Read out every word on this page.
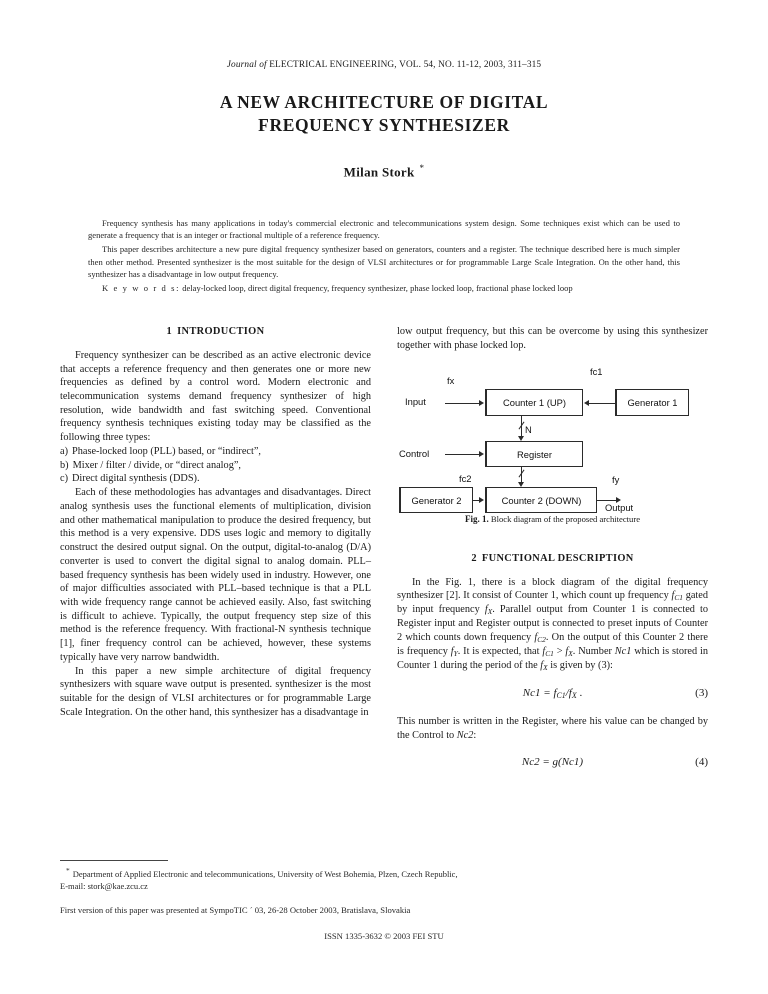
Journal of ELECTRICAL ENGINEERING, VOL. 54, NO. 11-12, 2003, 311–315
A NEW ARCHITECTURE OF DIGITAL
FREQUENCY SYNTHESIZER
Milan Stork *

Frequency synthesis has many applications in today's commercial electronic and telecommunications system design. Some techniques exist which can be used to generate a frequency that is an integer or fractional multiple of a reference frequency.

This paper describes architecture a new pure digital frequency synthesizer based on generators, counters and a register. The technique described here is much simpler then other method. Presented synthesizer is the most suitable for the design of VLSI architectures or for programmable Large Scale Integration. On the other hand, this synthesizer has a disadvantage in low output frequency.

K e y w o r d s: delay-locked loop, direct digital frequency, frequency synthesizer, phase locked loop, fractional phase locked loop

1 INTRODUCTION

Frequency synthesizer can be described as an active electronic device that accepts a reference frequency and then generates one or more new frequencies as defined by a control word. Modern electronic and telecommunication systems demand frequency synthesizer of high resolution, wide bandwidth and fast switching speed. Conventional frequency synthesis techniques existing today may be classified as the following three types:

a) Phase-locked loop (PLL) based, or “indirect”,

b) Mixer / filter / divide, or “direct analog”,

c) Direct digital synthesis (DDS).

Each of these methodologies has advantages and disadvantages. Direct analog synthesis uses the functional elements of multiplication, division and other mathematical manipulation to produce the desired frequency, but this method is a very expensive. DDS uses logic and memory to digitally construct the desired output signal. On the output, digital-to-analog (D/A) converter is used to convert the digital signal to analog domain. PLL–based frequency synthesis has been widely used in industry. However, one of major difficulties associated with PLL–based technique is that a PLL with wide frequency range cannot be achieved easily. Also, fast switching is difficult to achieve. Typically, the output frequency step size of this method is the reference frequency. With fractional-N synthesis technique [1], finer frequency control can be achieved, however, these systems typically have very narrow bandwidth.

In this paper a new simple architecture of digital frequency synthesizers with square wave output is presented. synthesizer is the most suitable for the design of VLSI architectures or for programmable Large Scale Integration. On the other hand, this synthesizer has a disadvantage in

low output frequency, but this can be overcome by using this synthesizer together with phase locked lop.

Counter 1 (UP)	Generator 1
Register
Counter 2 (DOWN)
Generator 2
fx
Input
fc1
N
Control
fc2	fy
Output
Fig. 1. Block diagram of the proposed architecture
2 FUNCTIONAL DESCRIPTION

In the Fig. 1, there is a block diagram of the digital frequency synthesizer [2]. It consist of Counter 1, which count up frequency $f_{C1}$ gated by input frequency $f_X$. Parallel output from Counter 1 is connected to Register input and Register output is connected to preset inputs of Counter 2 which counts down frequency $f_{C2}$. On the output of this Counter 2 there is frequency $f_Y$. It is expected, that $f_{C1} > f_X$. Number Nc1 which is stored in Counter 1 during the period of the $f_X$ is given by (3):

$Nc1 = f_{C1}/f_X$ .	(3)

This number is written in the Register, where his value can be changed by the Control to Nc2:

Nc2 = g(Nc1)	(4)
* Department of Applied Electronic and telecommunications, University of West Bohemia, Plzen, Czech Republic,
E-mail: stork@kae.zcu.cz
First version of this paper was presented at SympoTIC ´ 03, 26-28 October 2003, Bratislava, Slovakia
ISSN 1335-3632 © 2003 FEI STU
